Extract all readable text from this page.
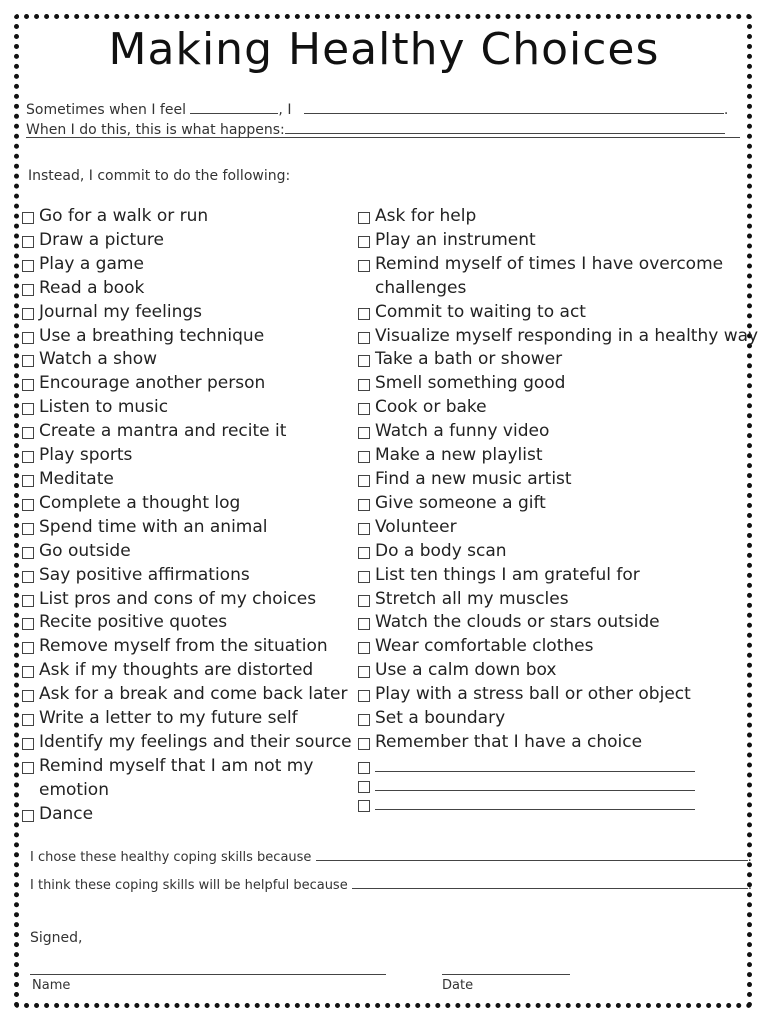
Making Healthy Choices
Sometimes when I feel	, I	.
When I do this, this is what happens:
Instead, I commit to do the following:
Go for a walk or run
Draw a picture
Play a game
Read a book
Journal my feelings
Use a breathing technique
Watch a show
Encourage another person
Listen to music
Create a mantra and recite it
Play sports
Meditate
Complete a thought log
Spend time with an animal
Go outside
Say positive affirmations
List pros and cons of my choices
Recite positive quotes
Remove myself from the situation
Ask if my thoughts are distorted
Ask for a break and come back later
Write a letter to my future self
Identify my feelings and their source
Remind myself that I am not my
emotion
Dance
Ask for help
Play an instrument
Remind myself of times I have overcome
challenges
Commit to waiting to act
Visualize myself responding in a healthy way
Take a bath or shower
Smell something good
Cook or bake
Watch a funny video
Make a new playlist
Find a new music artist
Give someone a gift
Volunteer
Do a body scan
List ten things I am grateful for
Stretch all my muscles
Watch the clouds or stars outside
Wear comfortable clothes
Use a calm down box
Play with a stress ball or other object
Set a boundary
Remember that I have a choice
I chose these healthy coping skills because	.
I think these coping skills will be helpful because	.
Signed,
Name	Date
